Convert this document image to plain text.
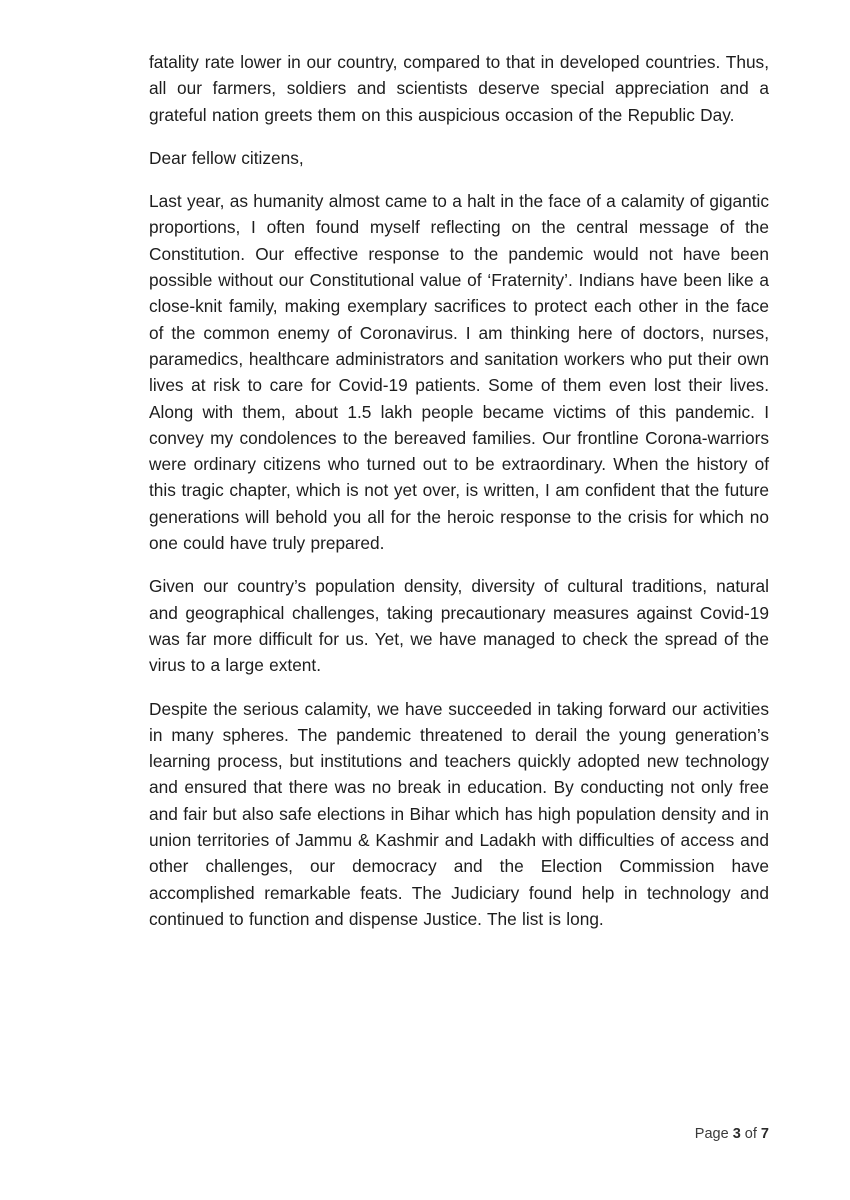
fatality rate lower in our country, compared to that in developed countries. Thus, all our farmers, soldiers and scientists deserve special appreciation and a grateful nation greets them on this auspicious occasion of the Republic Day.

Dear fellow citizens,

Last year, as humanity almost came to a halt in the face of a calamity of gigantic proportions, I often found myself reflecting on the central message of the Constitution. Our effective response to the pandemic would not have been possible without our Constitutional value of ‘Fraternity’. Indians have been like a close-knit family, making exemplary sacrifices to protect each other in the face of the common enemy of Coronavirus. I am thinking here of doctors, nurses, paramedics, healthcare administrators and sanitation workers who put their own lives at risk to care for Covid-19 patients. Some of them even lost their lives. Along with them, about 1.5 lakh people became victims of this pandemic. I convey my condolences to the bereaved families. Our frontline Corona-warriors were ordinary citizens who turned out to be extraordinary. When the history of this tragic chapter, which is not yet over, is written, I am confident that the future generations will behold you all for the heroic response to the crisis for which no one could have truly prepared.

Given our country’s population density, diversity of cultural traditions, natural and geographical challenges, taking precautionary measures against Covid-19 was far more difficult for us. Yet, we have managed to check the spread of the virus to a large extent.

Despite the serious calamity, we have succeeded in taking forward our activities in many spheres. The pandemic threatened to derail the young generation’s learning process, but institutions and teachers quickly adopted new technology and ensured that there was no break in education. By conducting not only free and fair but also safe elections in Bihar which has high population density and in union territories of Jammu & Kashmir and Ladakh with difficulties of access and other challenges, our democracy and the Election Commission have accomplished remarkable feats. The Judiciary found help in technology and continued to function and dispense Justice. The list is long.

Page 3 of 7
